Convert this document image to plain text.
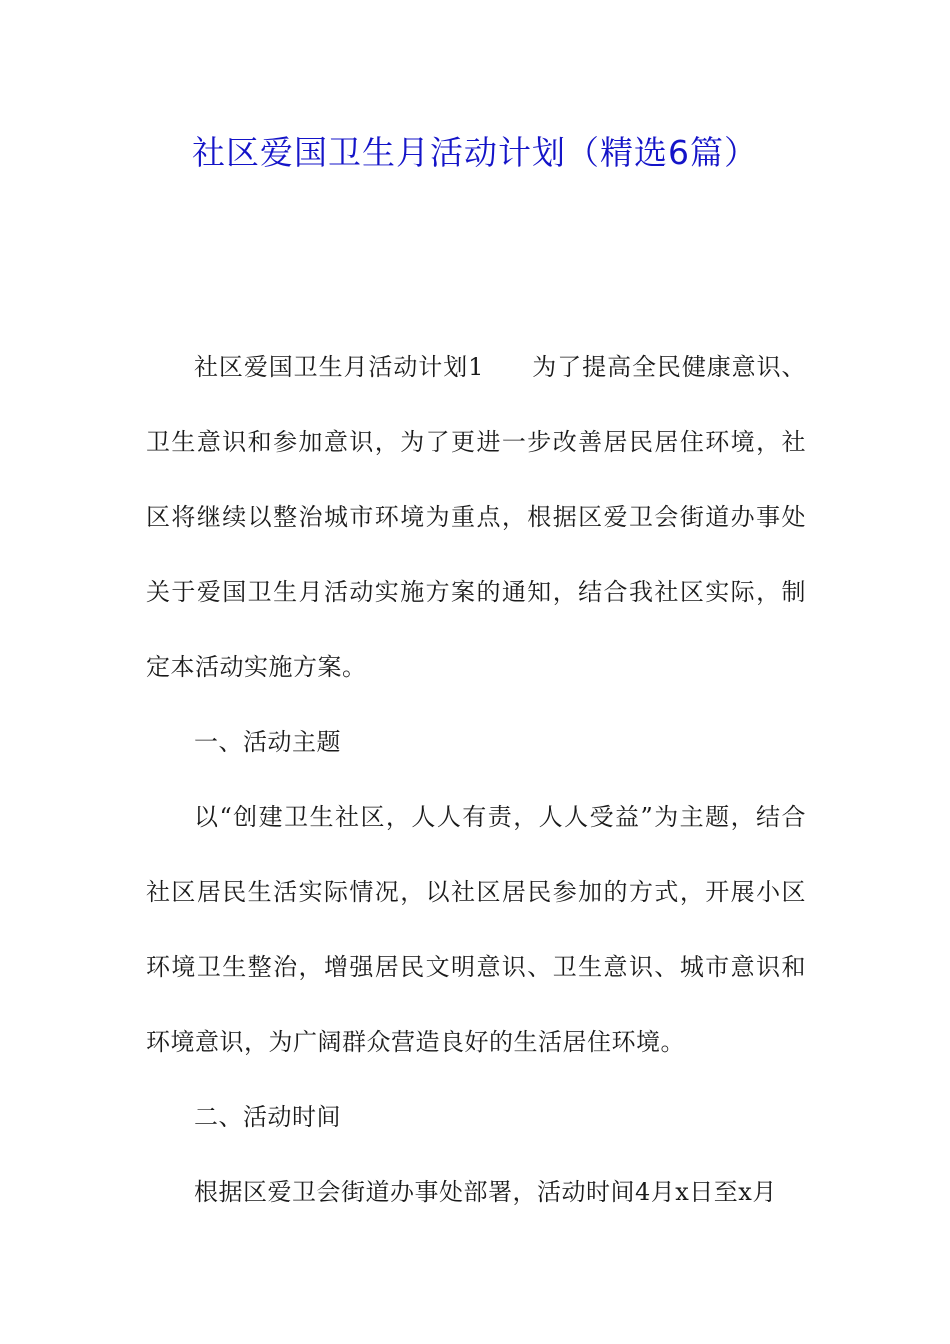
社区爱国卫生月活动计划（精选6篇）

社区爱国卫生月活动计划1 为了提高全民健康意识、卫生意识和参加意识，为了更进一步改善居民居住环境，社区将继续以整治城市环境为重点，根据区爱卫会街道办事处关于爱国卫生月活动实施方案的通知，结合我社区实际，制定本活动实施方案。

一、活动主题

以“创建卫生社区，人人有责，人人受益”为主题，结合社区居民生活实际情况，以社区居民参加的方式，开展小区环境卫生整治，增强居民文明意识、卫生意识、城市意识和环境意识，为广阔群众营造良好的生活居住环境。

二、活动时间

根据区爱卫会街道办事处部署，活动时间4月x日至x月
